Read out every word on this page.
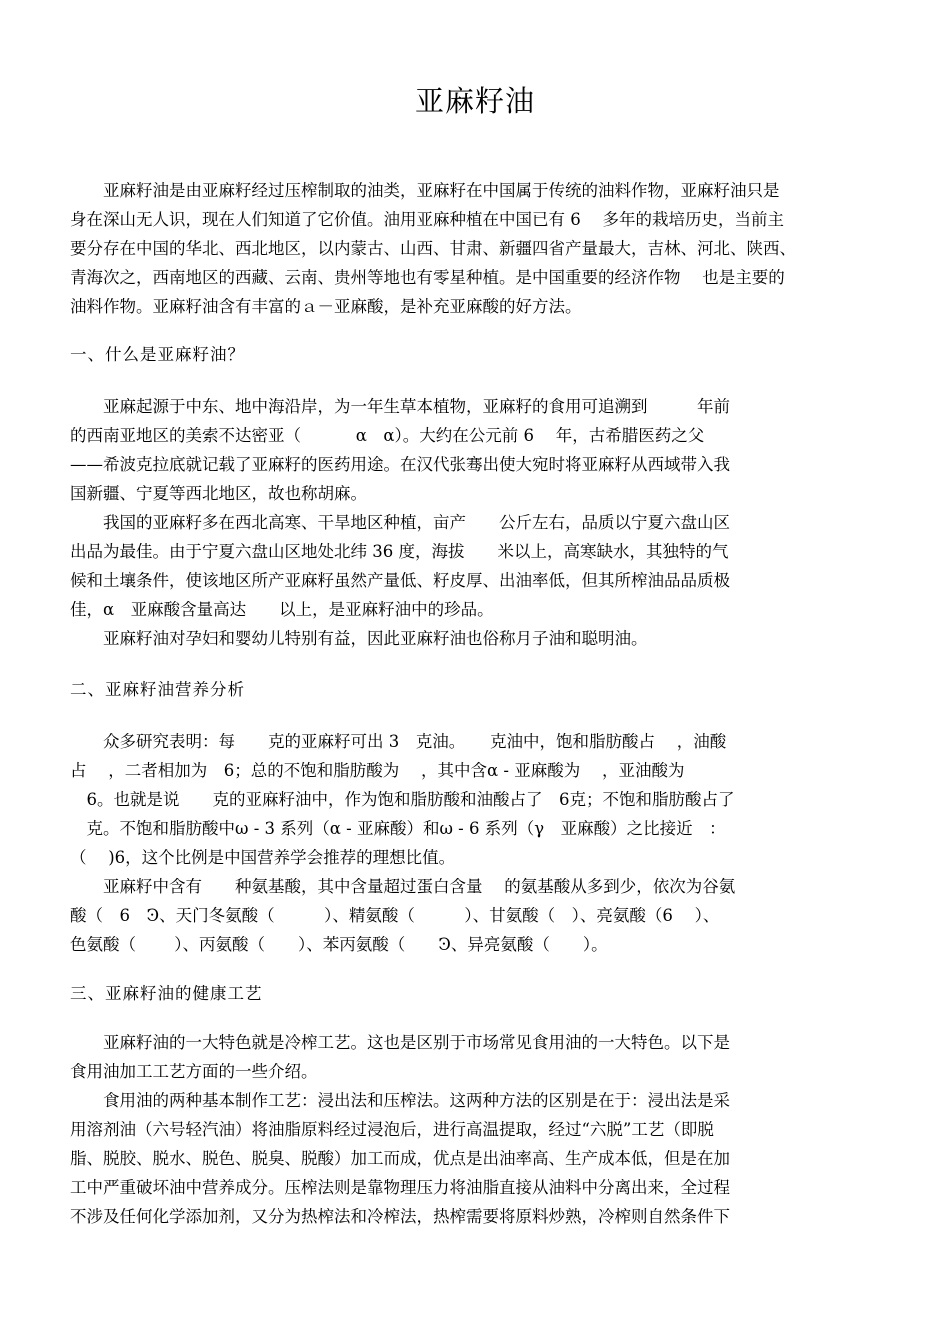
亚麻籽油
　　亚麻籽油是由亚麻籽经过压榨制取的油类，亚麻籽在中国属于传统的油料作物，亚麻籽油只是
身在深山无人识，现在人们知道了它价值。油用亚麻种植在中国已有 6　 多年的栽培历史，当前主
要分存在中国的华北、西北地区，以内蒙古、山西、甘肃、新疆四省产量最大，吉林、河北、陕西、
青海次之，西南地区的西藏、云南、贵州等地也有零星种植。是中国重要的经济作物　 也是主要的
油料作物。亚麻籽油含有丰富的ａ－亚麻酸，是补充亚麻酸的好方法。
一、什么是亚麻籽油？
　　亚麻起源于中东、地中海沿岸，为一年生草本植物，亚麻籽的食用可追溯到　　　年前
的西南亚地区的美索不达密亚（　　　 α　α）。大约在公元前 6　 年，古希腊医药之父
——希波克拉底就记载了亚麻籽的医药用途。在汉代张骞出使大宛时将亚麻籽从西域带入我
国新疆、宁夏等西北地区，故也称胡麻。
　　我国的亚麻籽多在西北高寒、干旱地区种植，亩产　　公斤左右，品质以宁夏六盘山区
出品为最佳。由于宁夏六盘山区地处北纬 36 度，海拔　　米以上，高寒缺水，其独特的气
候和土壤条件，使该地区所产亚麻籽虽然产量低、籽皮厚、出油率低，但其所榨油品品质极
佳，α　亚麻酸含量高达　　以上，是亚麻籽油中的珍品。
　　亚麻籽油对孕妇和婴幼儿特别有益，因此亚麻籽油也俗称月子油和聪明油。
二、亚麻籽油营养分析
　　众多研究表明：每　　克的亚麻籽可出 3　克油。　　克油中，饱和脂肪酸占　 ，油酸
占　 ，二者相加为　6；总的不饱和脂肪酸为　 ，其中含α - 亚麻酸为　 ，亚油酸为
　6。也就是说　　克的亚麻籽油中，作为饱和脂肪酸和油酸占了　6克；不饱和脂肪酸占了
　克。不饱和脂肪酸中ω - 3 系列（α - 亚麻酸）和ω - 6 系列（γ　亚麻酸）之比接近　：
（　 )6，这个比例是中国营养学会推荐的理想比值。
　　亚麻籽中含有　　种氨基酸，其中含量超过蛋白含量　 的氨基酸从多到少，依次为谷氨
酸（　6　Ͽ、天门冬氨酸（　　　）、精氨酸（　　　）、甘氨酸（　）、亮氨酸（6　 ）、
色氨酸（　　 ）、丙氨酸（　　）、苯丙氨酸（　　Ͽ、异亮氨酸（　　）。
三、亚麻籽油的健康工艺
　　亚麻籽油的一大特色就是冷榨工艺。这也是区别于市场常见食用油的一大特色。以下是
食用油加工工艺方面的一些介绍。
　　食用油的两种基本制作工艺：浸出法和压榨法。这两种方法的区别是在于：浸出法是采
用溶剂油（六号轻汽油）将油脂原料经过浸泡后，进行高温提取，经过“六脱”工艺（即脱
脂、脱胶、脱水、脱色、脱臭、脱酸）加工而成，优点是出油率高、生产成本低，但是在加
工中严重破坏油中营养成分。压榨法则是靠物理压力将油脂直接从油料中分离出来，全过程
不涉及任何化学添加剂，又分为热榨法和冷榨法，热榨需要将原料炒熟，冷榨则自然条件下
